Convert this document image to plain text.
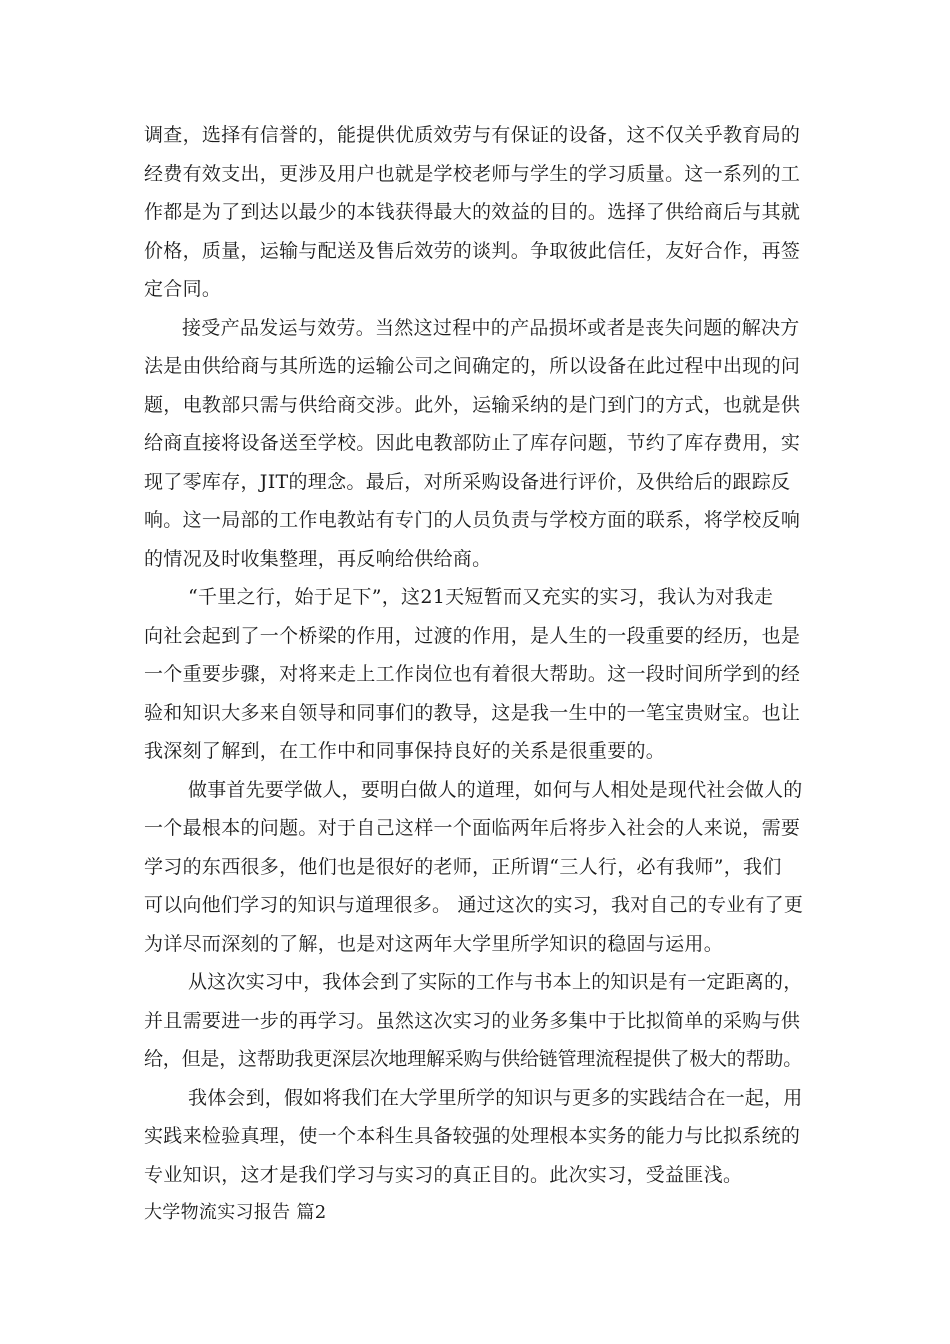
调查，选择有信誉的，能提供优质效劳与有保证的设备，这不仅关乎教育局的
经费有效支出，更涉及用户也就是学校老师与学生的学习质量。这一系列的工
作都是为了到达以最少的本钱获得最大的效益的目的。选择了供给商后与其就
价格，质量，运输与配送及售后效劳的谈判。争取彼此信任，友好合作，再签
定合同。
接受产品发运与效劳。当然这过程中的产品损坏或者是丧失问题的解决方
法是由供给商与其所选的运输公司之间确定的，所以设备在此过程中出现的问
题，电教部只需与供给商交涉。此外，运输采纳的是门到门的方式，也就是供
给商直接将设备送至学校。因此电教部防止了库存问题，节约了库存费用，实
现了零库存，JIT的理念。最后，对所采购设备进行评价，及供给后的跟踪反
响。这一局部的工作电教站有专门的人员负责与学校方面的联系，将学校反响
的情况及时收集整理，再反响给供给商。
“千里之行，始于足下”，这21天短暂而又充实的实习，我认为对我走
向社会起到了一个桥梁的作用，过渡的作用，是人生的一段重要的经历，也是
一个重要步骤，对将来走上工作岗位也有着很大帮助。这一段时间所学到的经
验和知识大多来自领导和同事们的教导，这是我一生中的一笔宝贵财宝。也让
我深刻了解到，在工作中和同事保持良好的关系是很重要的。
做事首先要学做人，要明白做人的道理，如何与人相处是现代社会做人的
一个最根本的问题。对于自己这样一个面临两年后将步入社会的人来说，需要
学习的东西很多，他们也是很好的老师，正所谓“三人行，必有我师”，我们
可以向他们学习的知识与道理很多。 通过这次的实习，我对自己的专业有了更
为详尽而深刻的了解，也是对这两年大学里所学知识的稳固与运用。
从这次实习中，我体会到了实际的工作与书本上的知识是有一定距离的，
并且需要进一步的再学习。虽然这次实习的业务多集中于比拟简单的采购与供
给，但是，这帮助我更深层次地理解采购与供给链管理流程提供了极大的帮助。
我体会到，假如将我们在大学里所学的知识与更多的实践结合在一起，用
实践来检验真理，使一个本科生具备较强的处理根本实务的能力与比拟系统的
专业知识，这才是我们学习与实习的真正目的。此次实习，受益匪浅。
大学物流实习报告 篇2
